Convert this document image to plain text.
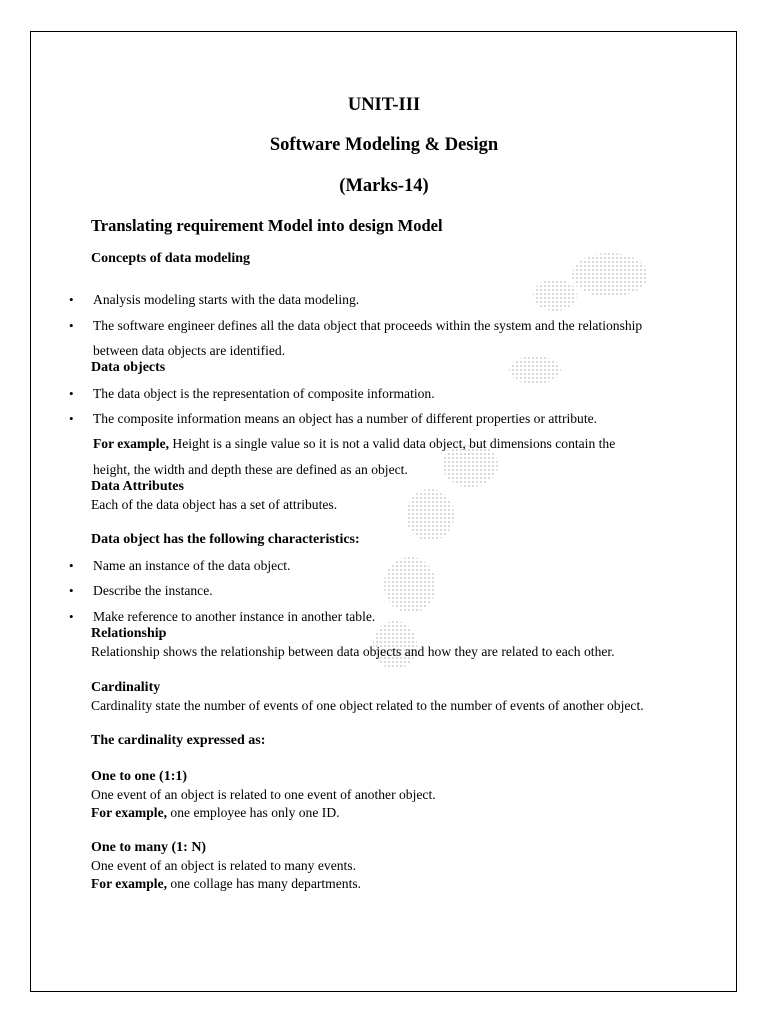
UNIT-III
Software Modeling & Design
(Marks-14)
Translating requirement Model into design Model
Concepts of data modeling
• Analysis modeling starts with the data modeling.
• The software engineer defines all the data object that proceeds within the system and the relationship
between data objects are identified.
Data objects
• The data object is the representation of composite information.
• The composite information means an object has a number of different properties or attribute.
For example, Height is a single value so it is not a valid data object, but dimensions contain the
height, the width and depth these are defined as an object.
Data Attributes
Each of the data object has a set of attributes.
Data object has the following characteristics:
• Name an instance of the data object.
• Describe the instance.
• Make reference to another instance in another table.
Relationship
Relationship shows the relationship between data objects and how they are related to each other.
Cardinality
Cardinality state the number of events of one object related to the number of events of another object.
The cardinality expressed as:
One to one (1:1)
One event of an object is related to one event of another object.
For example, one employee has only one ID.
One to many (1: N)
One event of an object is related to many events.
For example, one collage has many departments.
